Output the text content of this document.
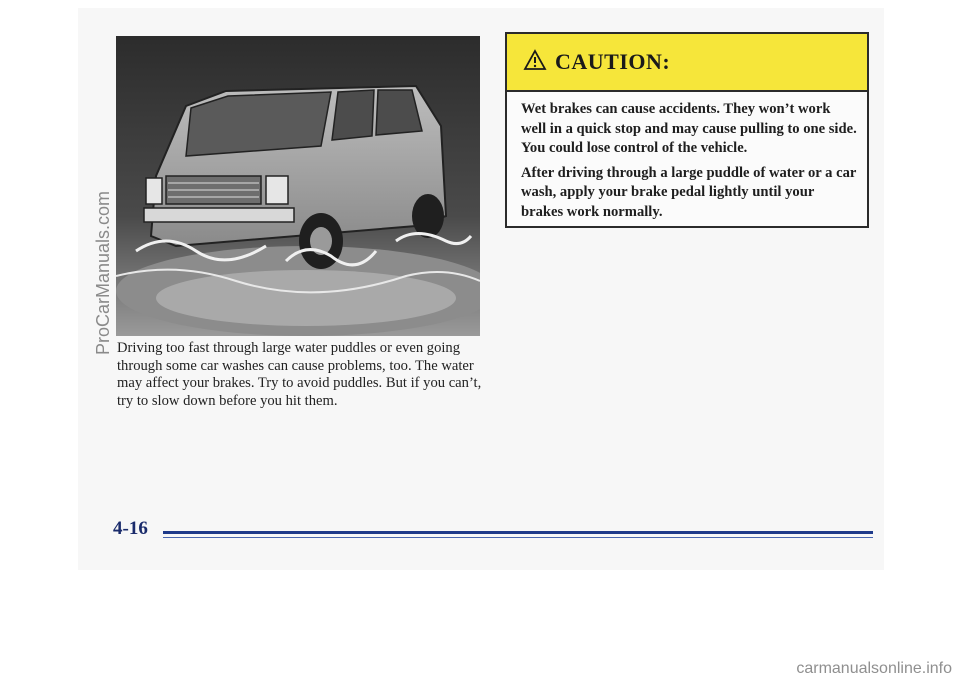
Driving too fast through large water puddles or even going through some car washes can cause problems, too. The water may affect your brakes. Try to avoid puddles. But if you can’t, try to slow down before you hit them.

CAUTION:

Wet brakes can cause accidents. They won’t work well in a quick stop and may cause pulling to one side. You could lose control of the vehicle.

After driving through a large puddle of water or a car wash, apply your brake pedal lightly until your brakes work normally.

4-16
ProCarManuals.com
carmanualsonline.info
